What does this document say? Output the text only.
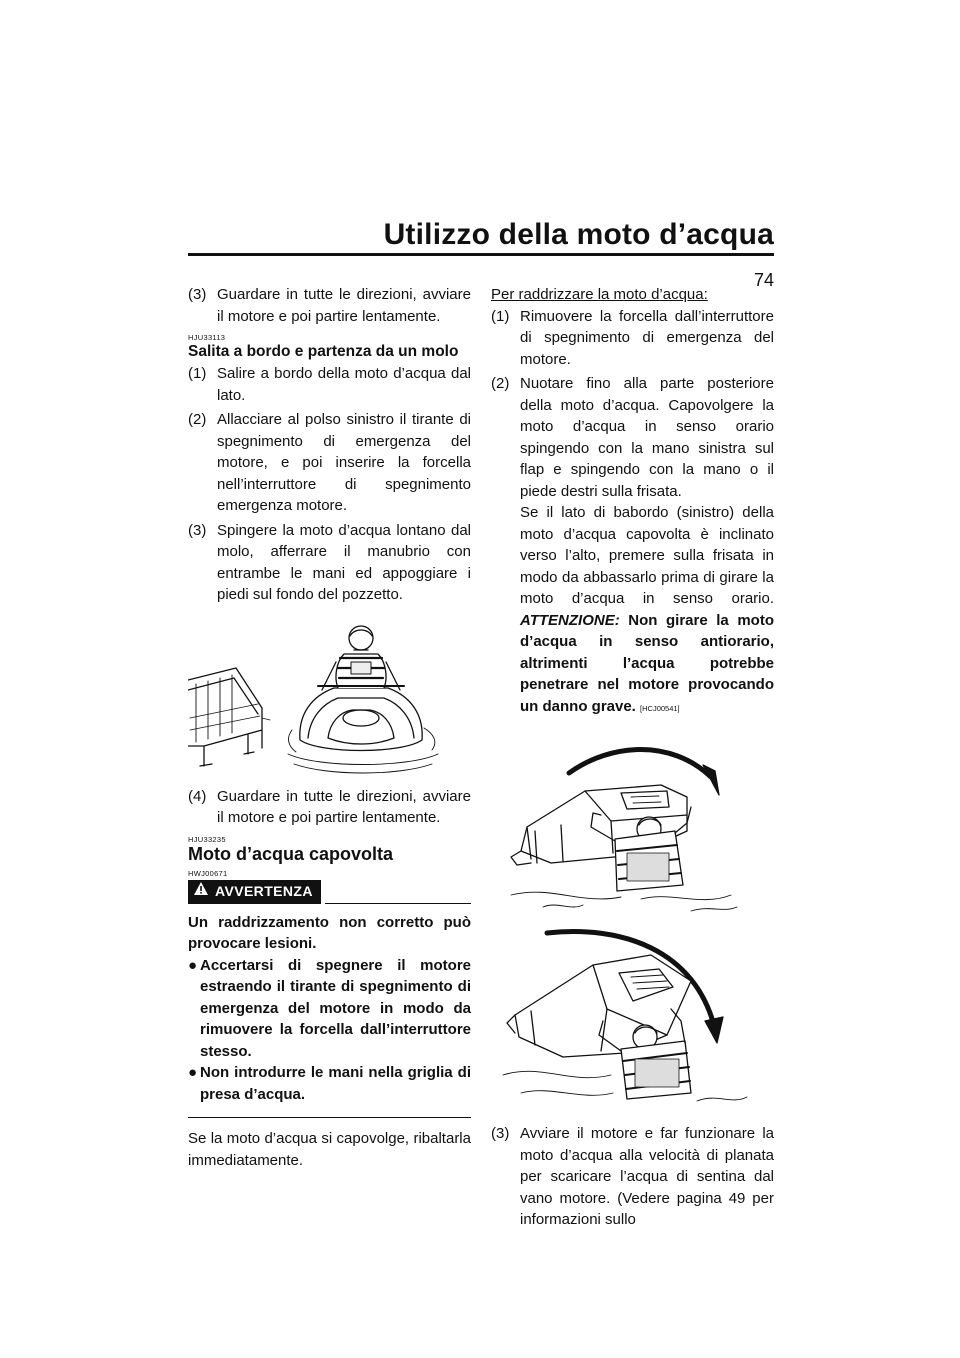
Utilizzo della moto d’acqua
74
(3) Guardare in tutte le direzioni, avviare il motore e poi partire lentamente.
HJU33113
Salita a bordo e partenza da un molo
(1) Salire a bordo della moto d’acqua dal lato.
(2) Allacciare al polso sinistro il tirante di spegnimento di emergenza del motore, e poi inserire la forcella nell’interruttore di spegnimento emergenza motore.
(3) Spingere la moto d’acqua lontano dal molo, afferrare il manubrio con entrambe le mani ed appoggiare i piedi sul fondo del pozzetto.
(4) Guardare in tutte le direzioni, avviare il motore e poi partire lentamente.
HJU33235
Moto d’acqua capovolta
HWJ00671
AVVERTENZA
Un raddrizzamento non corretto può provocare lesioni.
● Accertarsi di spegnere il motore estraendo il tirante di spegnimento di emergenza del motore in modo da rimuovere la forcella dall’interruttore stesso.
● Non introdurre le mani nella griglia di presa d’acqua.
Se la moto d’acqua si capovolge, ribaltarla immediatamente.
Per raddrizzare la moto d’acqua:
(1) Rimuovere la forcella dall’interruttore di spegnimento di emergenza del motore.
(2) Nuotare fino alla parte posteriore della moto d’acqua. Capovolgere la moto d’acqua in senso orario spingendo con la mano sinistra sul flap e spingendo con la mano o il piede destri sulla frisata.
Se il lato di babordo (sinistro) della moto d’acqua capovolta è inclinato verso l’alto, premere sulla frisata in modo da abbassarlo prima di girare la moto d’acqua in senso orario. ATTENZIONE: Non girare la moto d’acqua in senso antiorario, altrimenti l’acqua potrebbe penetrare nel motore provocando un danno grave. [HCJ00541]
(3) Avviare il motore e far funzionare la moto d’acqua alla velocità di planata per scaricare l’acqua di sentina dal vano motore. (Vedere pagina 49 per informazioni sullo
